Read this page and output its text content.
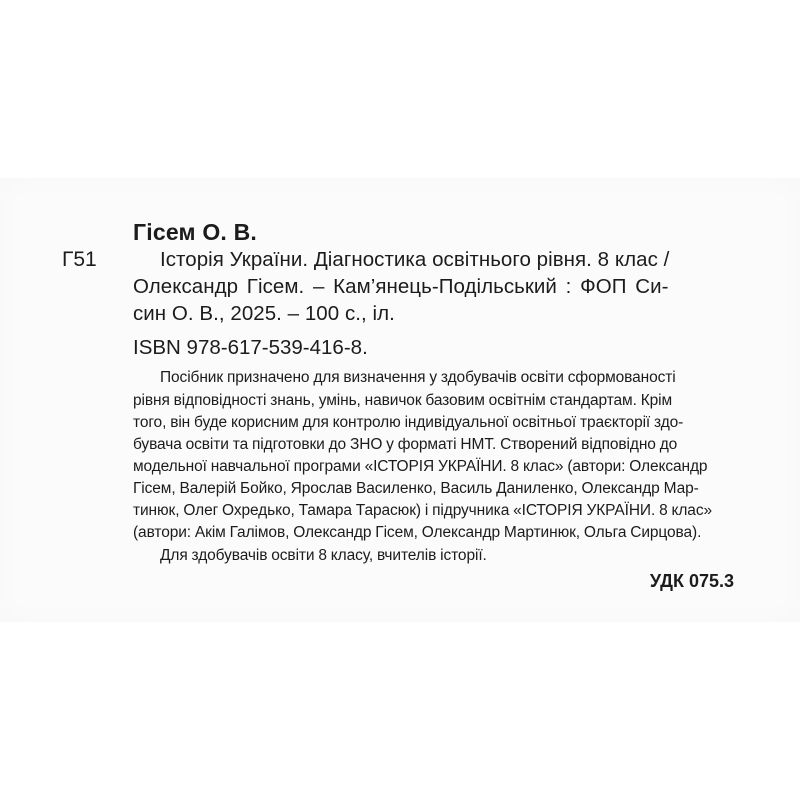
Гісем О. В.

Г51	Історія України. Діагностика освітнього рівня. 8 клас /

Олександр Гісем. – Кам’янець-Подільський : ФОП Си-

син О. В., 2025. – 100 с., іл.

ISBN 978-617-539-416-8.

Посібник призначено для визначення у здобувачів освіти сформованості

рівня відповідності знань, умінь, навичок базовим освітнім стандартам. Крім

того, він буде корисним для контролю індивідуальної освітньої траєкторії здо-

бувача освіти та підготовки до ЗНО у форматі НМТ. Створений відповідно до

модельної навчальної програми «ІСТОРІЯ УКРАЇНИ. 8 клас» (автори: Олександр

Гісем, Валерій Бойко, Ярослав Василенко, Василь Даниленко, Олександр Мар-

тинюк, Олег Охредько, Тамара Тарасюк) і підручника «ІСТОРІЯ УКРАЇНИ. 8 клас»

(автори: Акім Галімов, Олександр Гісем, Олександр Мартинюк, Ольга Сирцова).

Для здобувачів освіти 8 класу, вчителів історії.

УДК 075.3
